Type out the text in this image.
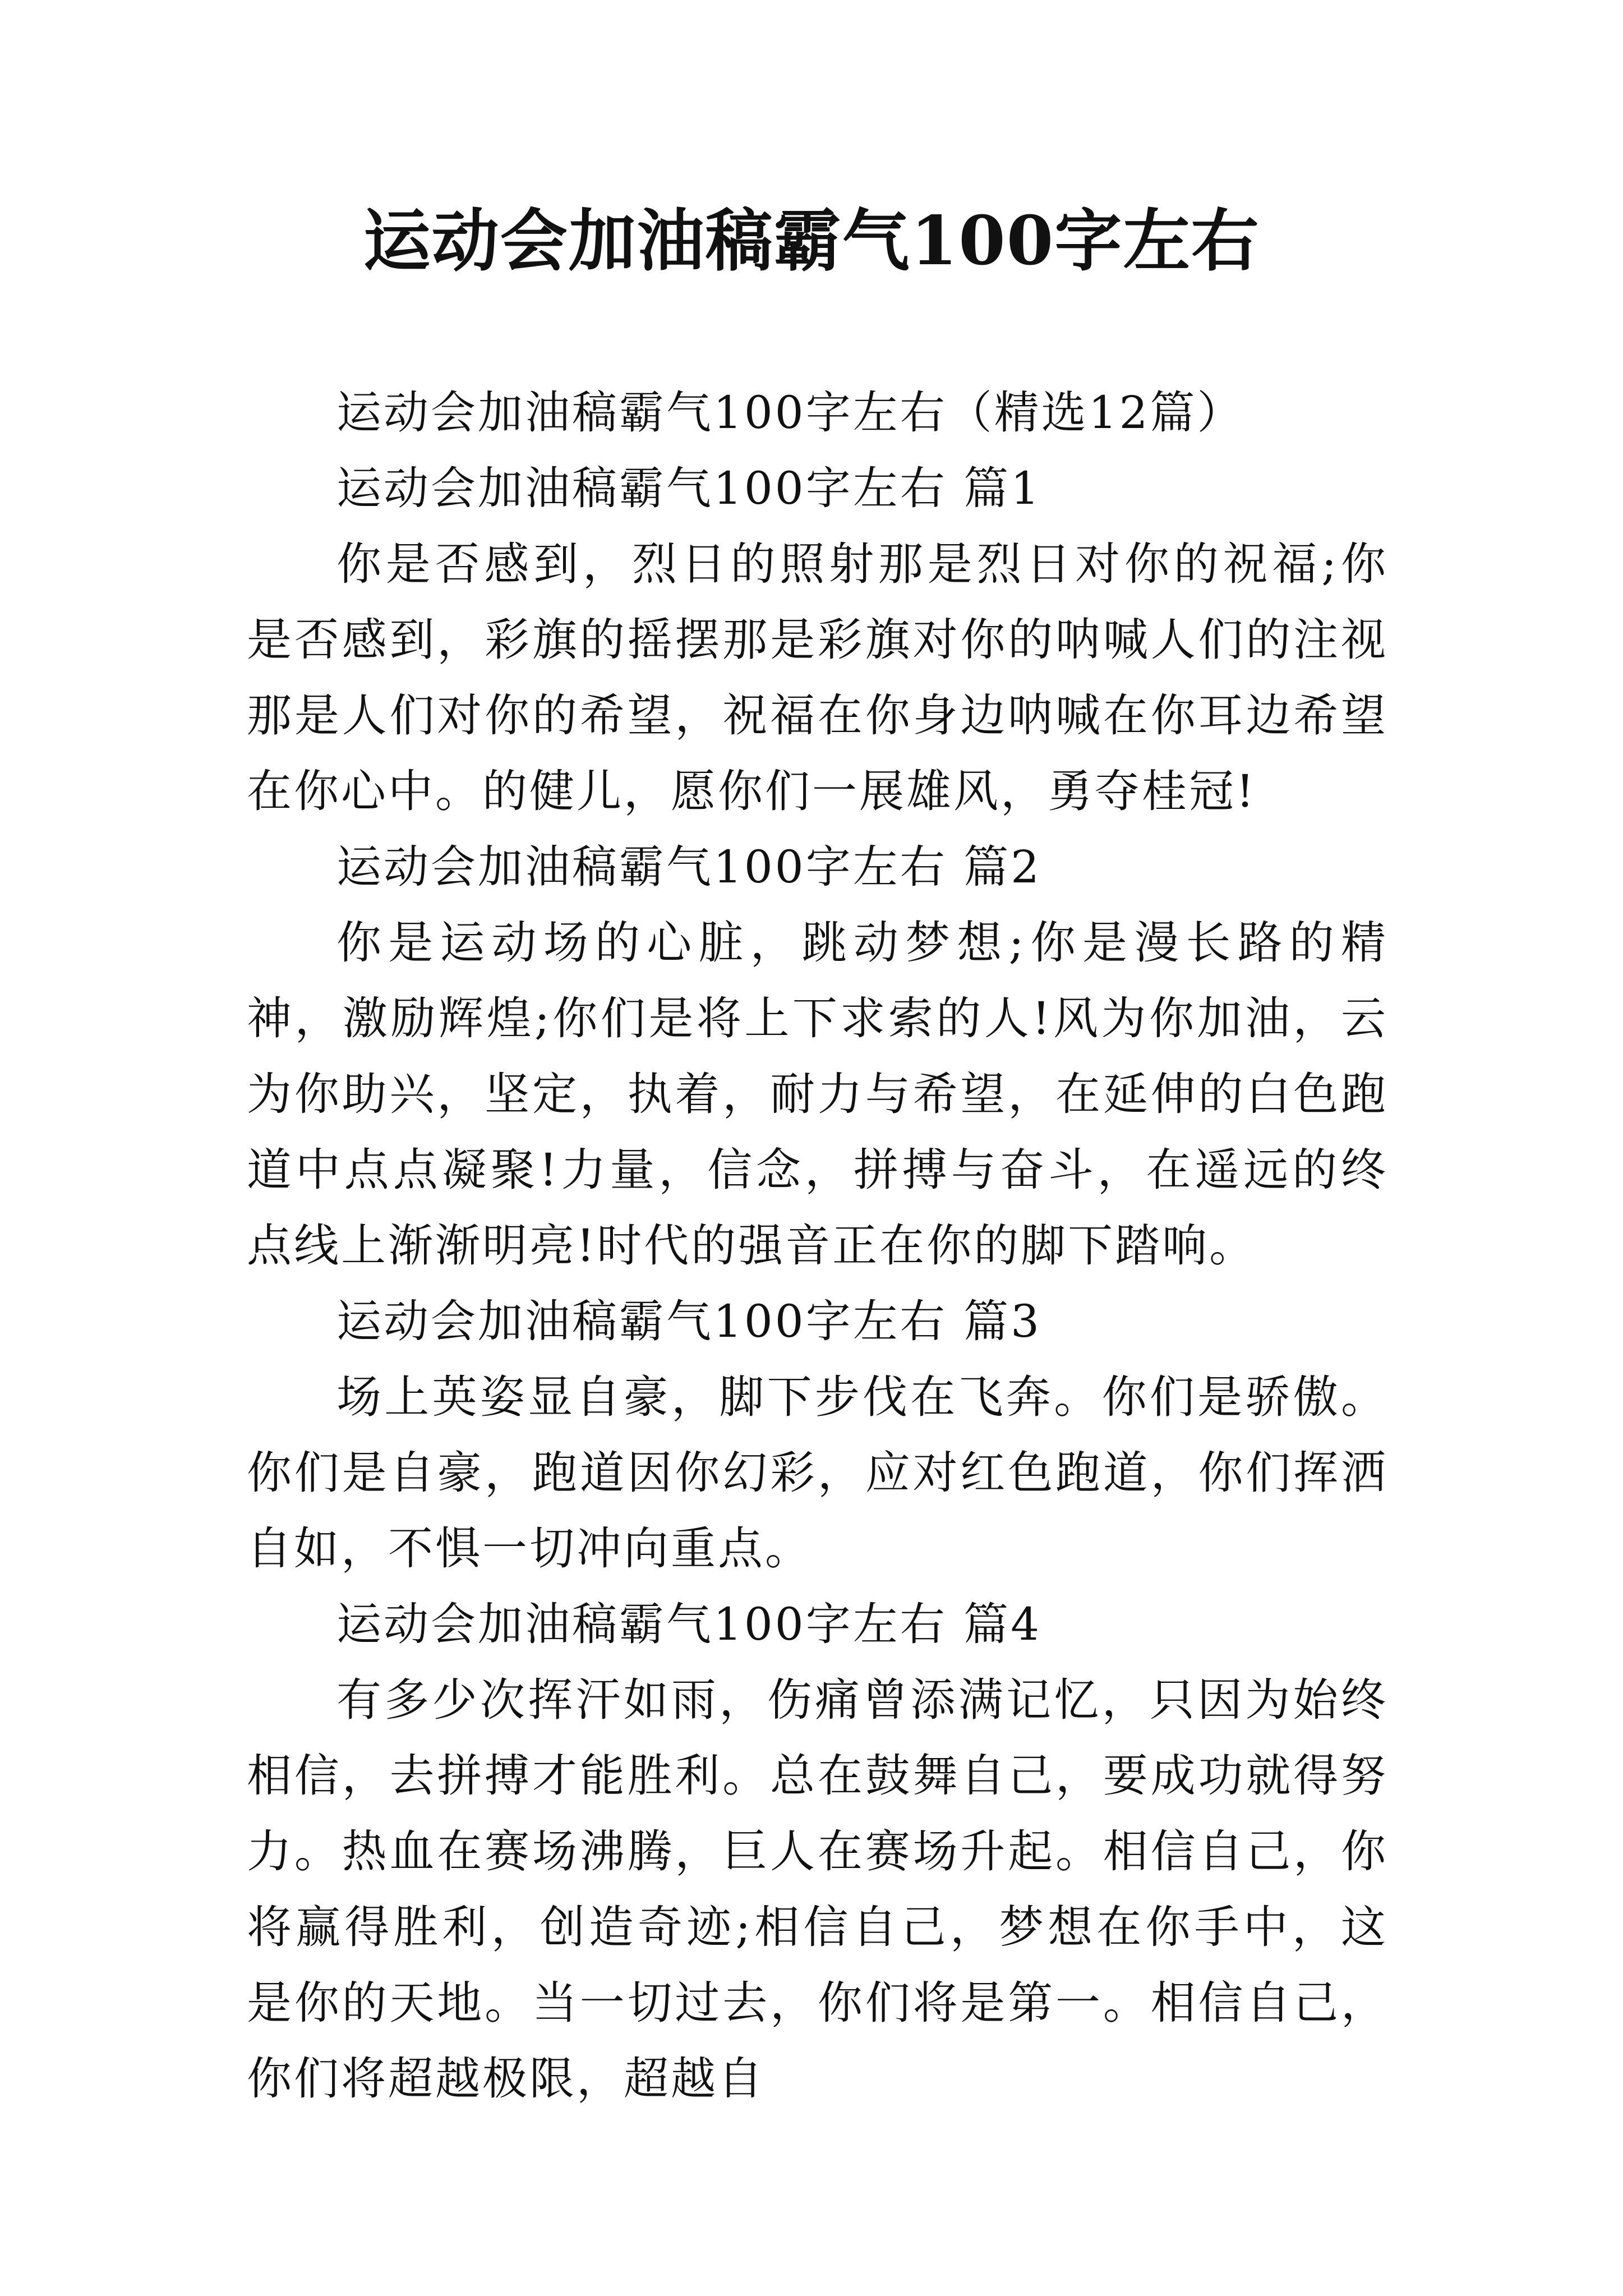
运动会加油稿霸气100字左右

运动会加油稿霸气100字左右（精选12篇）

运动会加油稿霸气100字左右 篇1

你是否感到，烈日的照射那是烈日对你的祝福;你是否感到，彩旗的摇摆那是彩旗对你的呐喊人们的注视那是人们对你的希望，祝福在你身边呐喊在你耳边希望在你心中。的健儿，愿你们一展雄风，勇夺桂冠!

运动会加油稿霸气100字左右 篇2

你是运动场的心脏，跳动梦想;你是漫长路的精神，激励辉煌;你们是将上下求索的人!风为你加油，云为你助兴，坚定，执着，耐力与希望，在延伸的白色跑道中点点凝聚!力量，信念，拼搏与奋斗，在遥远的终点线上渐渐明亮!时代的强音正在你的脚下踏响。

运动会加油稿霸气100字左右 篇3

场上英姿显自豪，脚下步伐在飞奔。你们是骄傲。你们是自豪，跑道因你幻彩，应对红色跑道，你们挥洒自如，不惧一切冲向重点。

运动会加油稿霸气100字左右 篇4

有多少次挥汗如雨，伤痛曾添满记忆，只因为始终相信，去拼搏才能胜利。总在鼓舞自己，要成功就得努力。热血在赛场沸腾，巨人在赛场升起。相信自己，你将赢得胜利，创造奇迹;相信自己，梦想在你手中，这是你的天地。当一切过去，你们将是第一。相信自己，你们将超越极限，超越自
